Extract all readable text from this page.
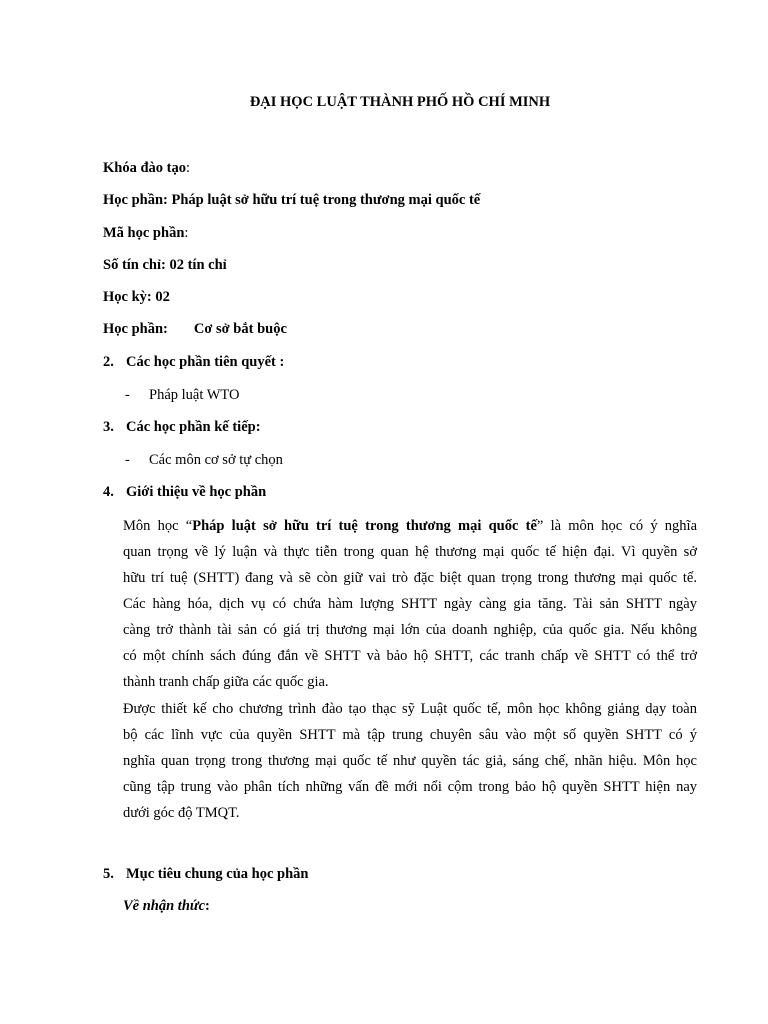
ĐẠI HỌC LUẬT THÀNH PHỐ HỒ CHÍ MINH
Khóa đào tạo:
Học phần: Pháp luật sở hữu trí tuệ trong thương mại quốc tế
Mã học phần:
Số tín chỉ: 02 tín chỉ
Học kỳ: 02
Học phần: Cơ sở bắt buộc
2. Các học phần tiên quyết :
- Pháp luật WTO
3. Các học phần kế tiếp:
- Các môn cơ sở tự chọn
4. Giới thiệu về học phần
Môn học “Pháp luật sở hữu trí tuệ trong thương mại quốc tế” là môn học có ý nghĩa
quan trọng về lý luận và thực tiễn trong quan hệ thương mại quốc tế hiện đại. Vì quyền sở
hữu trí tuệ (SHTT) đang và sẽ còn giữ vai trò đặc biệt quan trọng trong thương mại quốc tế.
Các hàng hóa, dịch vụ có chứa hàm lượng SHTT ngày càng gia tăng. Tài sản SHTT ngày
càng trở thành tài sản có giá trị thương mại lớn của doanh nghiệp, của quốc gia. Nếu không
có một chính sách đúng đắn về SHTT và bảo hộ SHTT, các tranh chấp về SHTT có thể trở
thành tranh chấp giữa các quốc gia.
Được thiết kế cho chương trình đào tạo thạc sỹ Luật quốc tế, môn học không giảng dạy toàn
bộ các lĩnh vực của quyền SHTT mà tập trung chuyên sâu vào một số quyền SHTT có ý
nghĩa quan trọng trong thương mại quốc tế như quyền tác giả, sáng chế, nhãn hiệu. Môn học
cũng tập trung vào phân tích những vấn đề mới nổi cộm trong bảo hộ quyền SHTT hiện nay
dưới góc độ TMQT.
5. Mục tiêu chung của học phần
Về nhận thức:
